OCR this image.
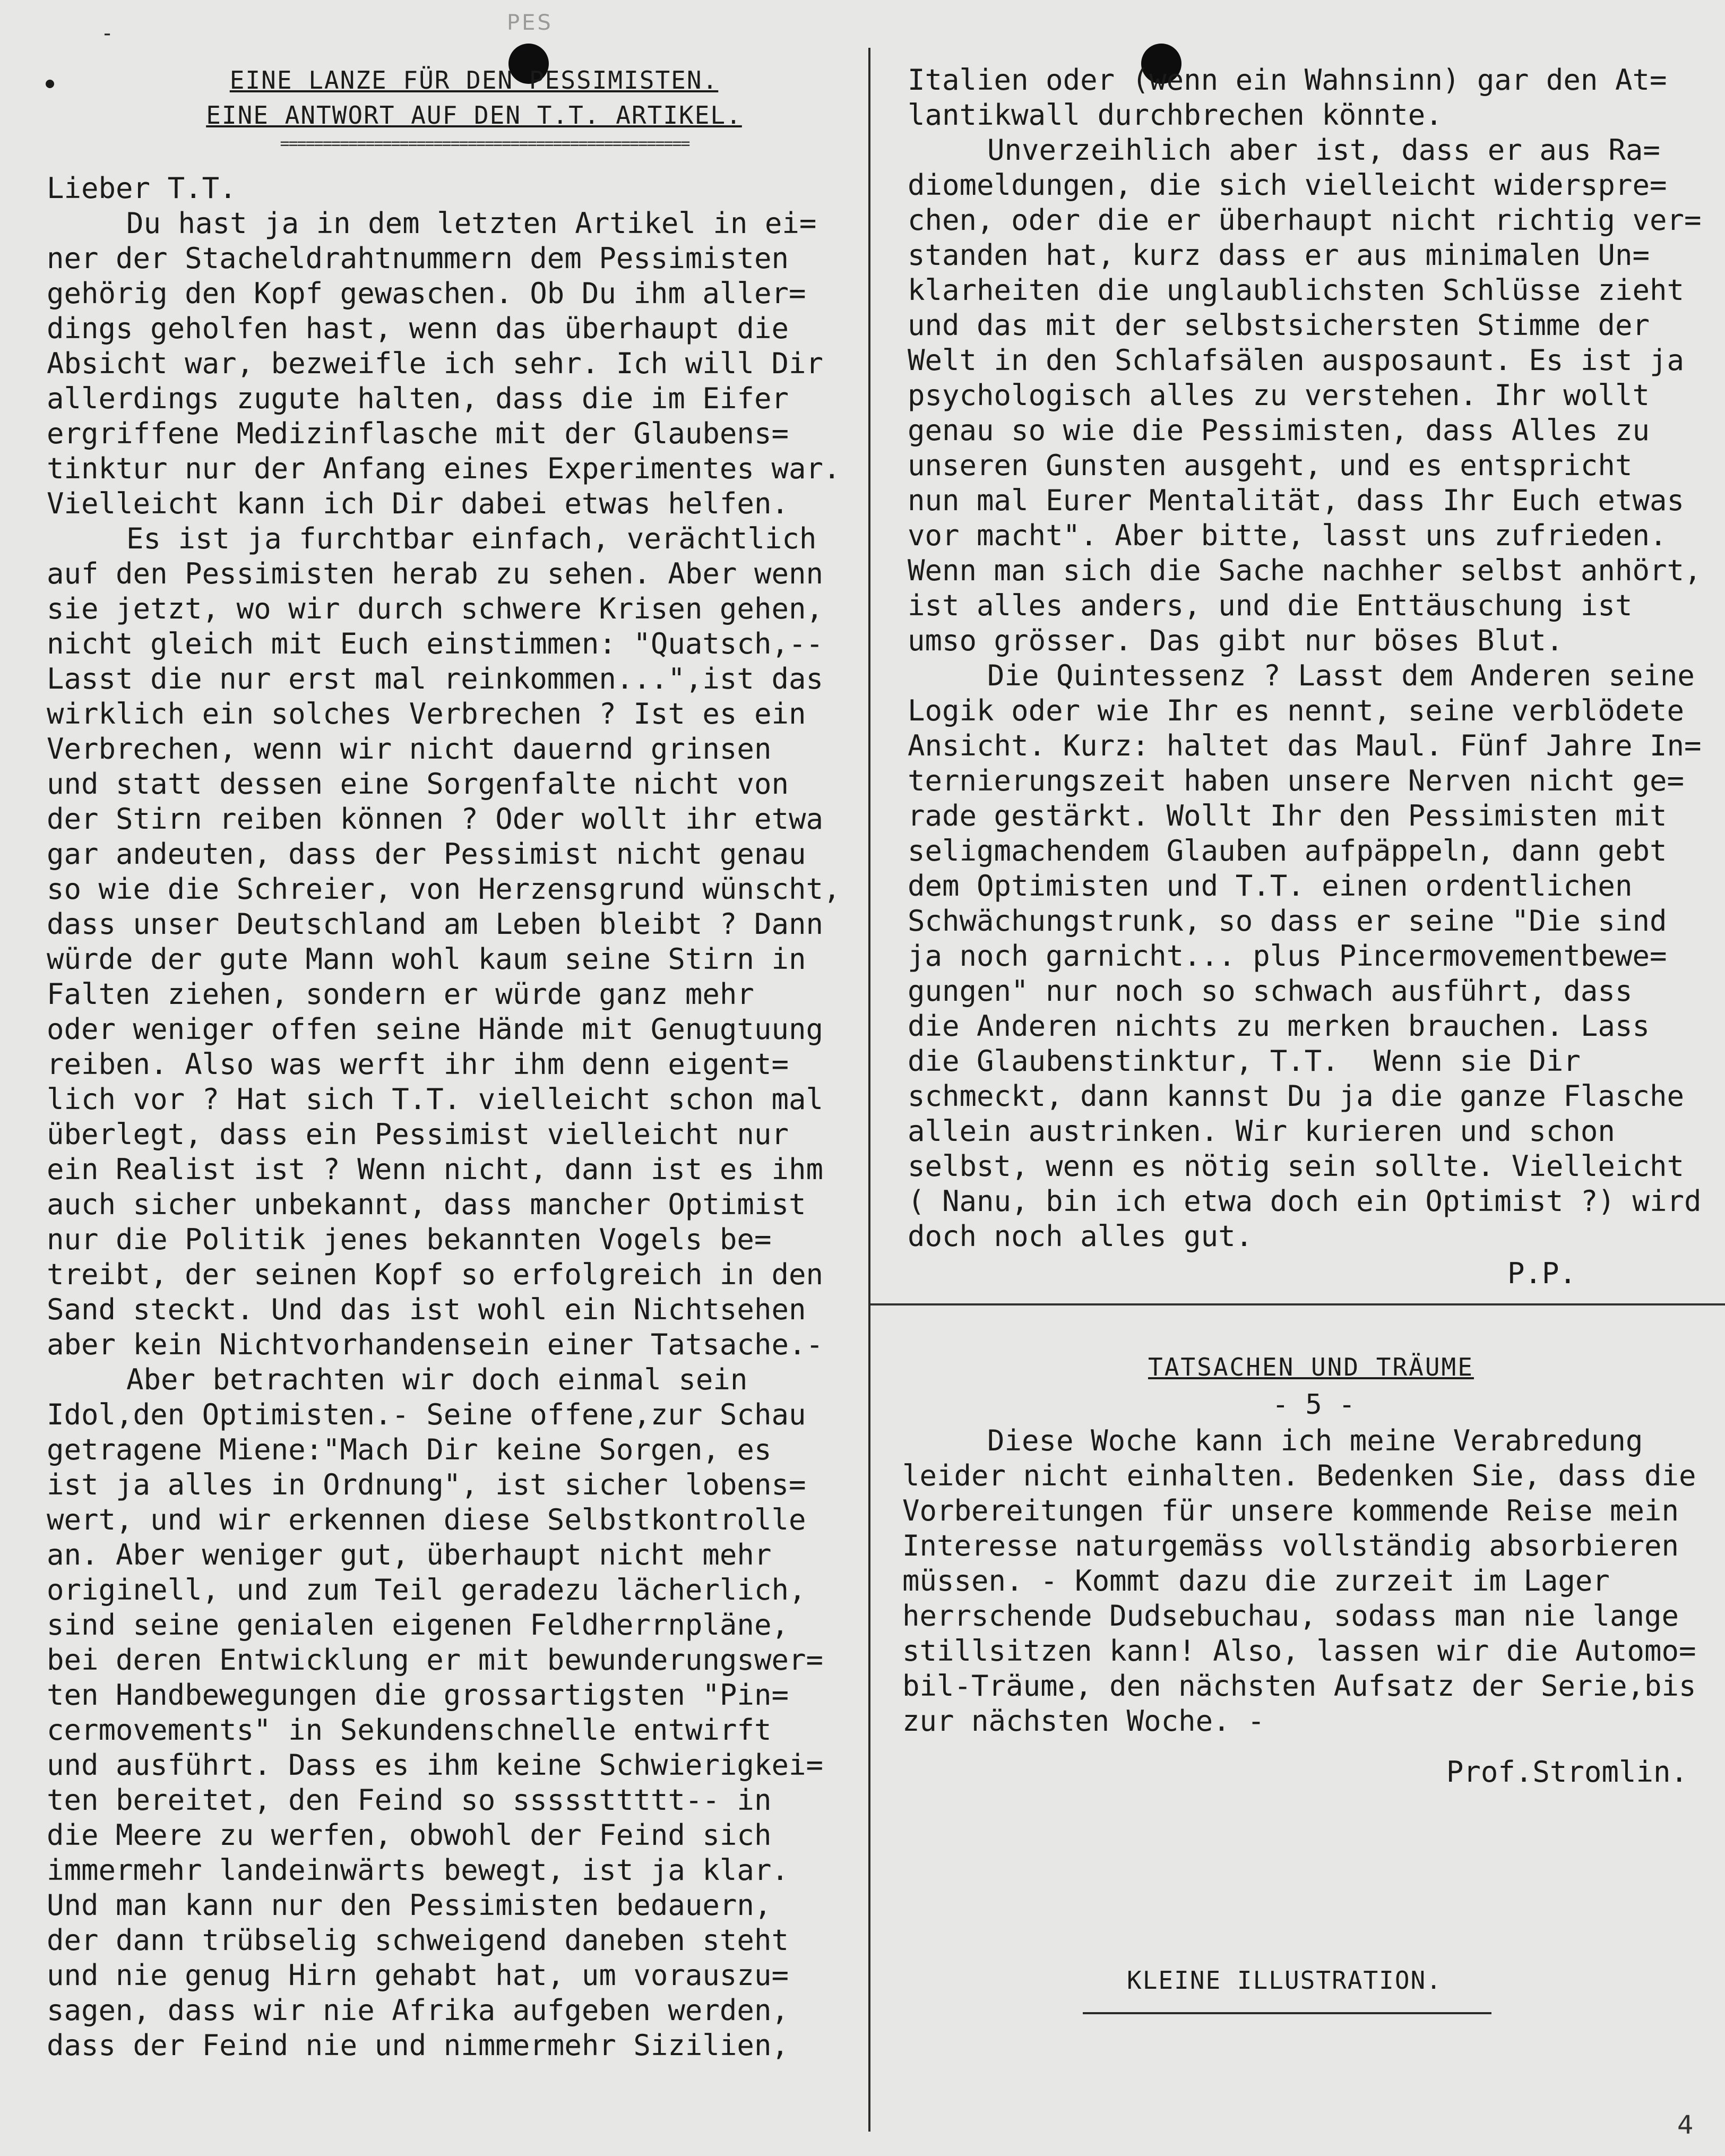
-	PES
EINE LANZE FÜR DEN PESSIMISTEN.
EINE ANTWORT AUF DEN T.T. ARTIKEL.
================================================
Lieber T.T.

Du hast ja in dem letzten Artikel in ei=
ner der Stacheldrahtnummern dem Pessimisten
gehörig den Kopf gewaschen. Ob Du ihm aller=
dings geholfen hast, wenn das überhaupt die
Absicht war, bezweifle ich sehr. Ich will Dir
allerdings zugute halten, dass die im Eifer
ergriffene Medizinflasche mit der Glaubens=
tinktur nur der Anfang eines Experimentes war.
Vielleicht kann ich Dir dabei etwas helfen.

Es ist ja furchtbar einfach, verächtlich
auf den Pessimisten herab zu sehen. Aber wenn
sie jetzt, wo wir durch schwere Krisen gehen,
nicht gleich mit Euch einstimmen: "Quatsch,--
Lasst die nur erst mal reinkommen...",ist das
wirklich ein solches Verbrechen ? Ist es ein
Verbrechen, wenn wir nicht dauernd grinsen
und statt dessen eine Sorgenfalte nicht von
der Stirn reiben können ? Oder wollt ihr etwa
gar andeuten, dass der Pessimist nicht genau
so wie die Schreier, von Herzensgrund wünscht,
dass unser Deutschland am Leben bleibt ? Dann
würde der gute Mann wohl kaum seine Stirn in
Falten ziehen, sondern er würde ganz mehr
oder weniger offen seine Hände mit Genugtuung
reiben. Also was werft ihr ihm denn eigent=
lich vor ? Hat sich T.T. vielleicht schon mal
überlegt, dass ein Pessimist vielleicht nur
ein Realist ist ? Wenn nicht, dann ist es ihm
auch sicher unbekannt, dass mancher Optimist
nur die Politik jenes bekannten Vogels be=
treibt, der seinen Kopf so erfolgreich in den
Sand steckt. Und das ist wohl ein Nichtsehen
aber kein Nichtvorhandensein einer Tatsache.-

Aber betrachten wir doch einmal sein
Idol,den Optimisten.- Seine offene,zur Schau
getragene Miene:"Mach Dir keine Sorgen, es
ist ja alles in Ordnung", ist sicher lobens=
wert, und wir erkennen diese Selbstkontrolle
an. Aber weniger gut, überhaupt nicht mehr
originell, und zum Teil geradezu lächerlich,
sind seine genialen eigenen Feldherrnpläne,
bei deren Entwicklung er mit bewunderungswer=
ten Handbewegungen die grossartigsten "Pin=
cermovements" in Sekundenschnelle entwirft
und ausführt. Dass es ihm keine Schwierigkei=
ten bereitet, den Feind so sssssttttt-- in
die Meere zu werfen, obwohl der Feind sich
immermehr landeinwärts bewegt, ist ja klar.
Und man kann nur den Pessimisten bedauern,
der dann trübselig schweigend daneben steht
und nie genug Hirn gehabt hat, um vorauszu=
sagen, dass wir nie Afrika aufgeben werden,
dass der Feind nie und nimmermehr Sizilien,

Italien oder (wenn ein Wahnsinn) gar den At=
lantikwall durchbrechen könnte.

Unverzeihlich aber ist, dass er aus Ra=
diomeldungen, die sich vielleicht widerspre=
chen, oder die er überhaupt nicht richtig ver=
standen hat, kurz dass er aus minimalen Un=
klarheiten die unglaublichsten Schlüsse zieht
und das mit der selbstsichersten Stimme der
Welt in den Schlafsälen ausposaunt. Es ist ja
psychologisch alles zu verstehen. Ihr wollt
genau so wie die Pessimisten, dass Alles zu
unseren Gunsten ausgeht, und es entspricht
nun mal Eurer Mentalität, dass Ihr Euch etwas
vor macht". Aber bitte, lasst uns zufrieden.
Wenn man sich die Sache nachher selbst anhört,
ist alles anders, und die Enttäuschung ist
umso grösser. Das gibt nur böses Blut.

Die Quintessenz ? Lasst dem Anderen seine
Logik oder wie Ihr es nennt, seine verblödete
Ansicht. Kurz: haltet das Maul. Fünf Jahre In=
ternierungszeit haben unsere Nerven nicht ge=
rade gestärkt. Wollt Ihr den Pessimisten mit
seligmachendem Glauben aufpäppeln, dann gebt
dem Optimisten und T.T. einen ordentlichen
Schwächungstrunk, so dass er seine "Die sind
ja noch garnicht... plus Pincermovementbewe=
gungen" nur noch so schwach ausführt, dass
die Anderen nichts zu merken brauchen. Lass
die Glaubenstinktur, T.T.  Wenn sie Dir
schmeckt, dann kannst Du ja die ganze Flasche
allein austrinken. Wir kurieren und schon
selbst, wenn es nötig sein sollte. Vielleicht
( Nanu, bin ich etwa doch ein Optimist ?) wird
doch noch alles gut.

P.P.
TATSACHEN UND TRÄUME
- 5 -

Diese Woche kann ich meine Verabredung
leider nicht einhalten. Bedenken Sie, dass die
Vorbereitungen für unsere kommende Reise mein
Interesse naturgemäss vollständig absorbieren
müssen. - Kommt dazu die zurzeit im Lager
herrschende Dudsebuchau, sodass man nie lange
stillsitzen kann! Also, lassen wir die Automo=
bil-Träume, den nächsten Aufsatz der Serie,bis
zur nächsten Woche. -

Prof.Stromlin.
KLEINE ILLUSTRATION.
4
